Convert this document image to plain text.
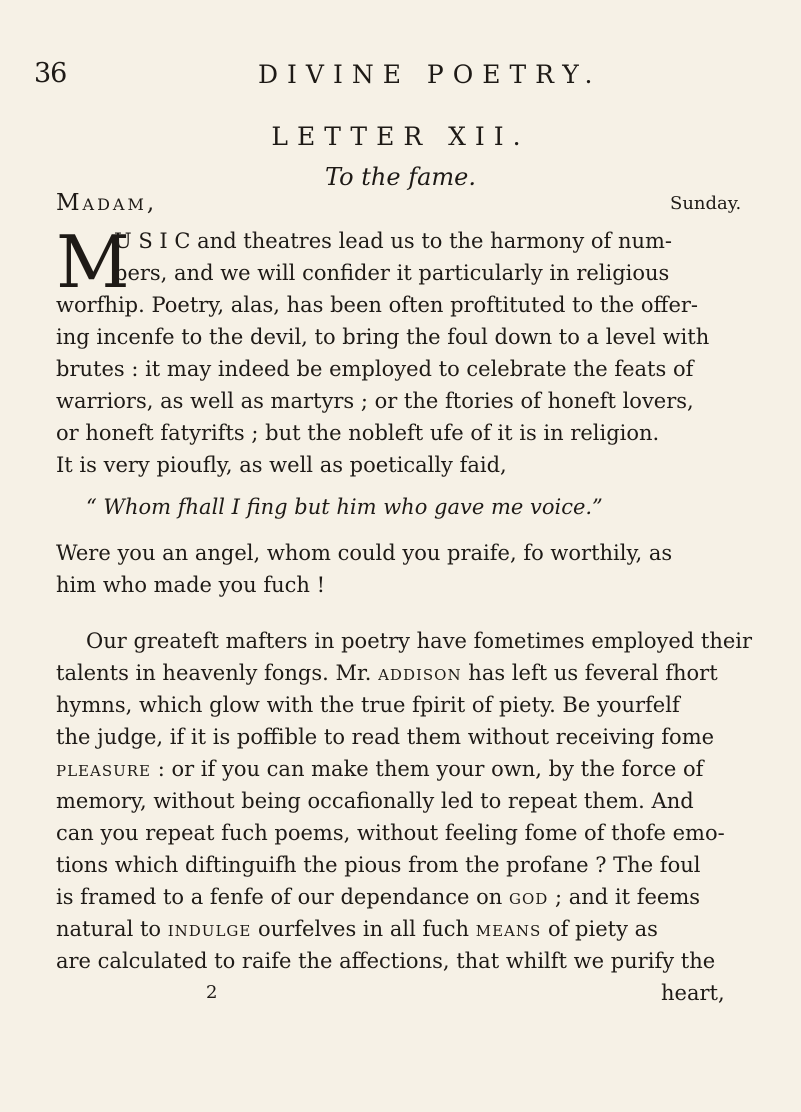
36	DIVINE POETRY.
LETTER XII.
To the fame.
Madam,	Sunday.
M
U S I C and theatres lead us to the harmony of num-
bers, and we will confider it particularly in religious
worfhip. Poetry, alas, has been often proftituted to the offer-
ing incenfe to the devil, to bring the foul down to a level with
brutes : it may indeed be employed to celebrate the feats of
warriors, as well as martyrs ; or the ftories of honeft lovers,
or honeft fatyrifts ; but the nobleft ufe of it is in religion.
It is very pioufly, as well as poetically faid,
“ Whom fhall I fing but him who gave me voice.”
Were you an angel, whom could you praife, fo worthily, as
him who made you fuch !
Our greateft mafters in poetry have fometimes employed their
talents in heavenly fongs. Mr. addison has left us feveral fhort
hymns, which glow with the true fpirit of piety. Be yourfelf
the judge, if it is poffible to read them without receiving fome
pleasure : or if you can make them your own, by the force of
memory, without being occafionally led to repeat them. And
can you repeat fuch poems, without feeling fome of thofe emo-
tions which diftinguifh the pious from the profane ? The foul
is framed to a fenfe of our dependance on god ; and it feems
natural to indulge ourfelves in all fuch means of piety as
are calculated to raife the affections, that whilft we purify the
2	heart,
